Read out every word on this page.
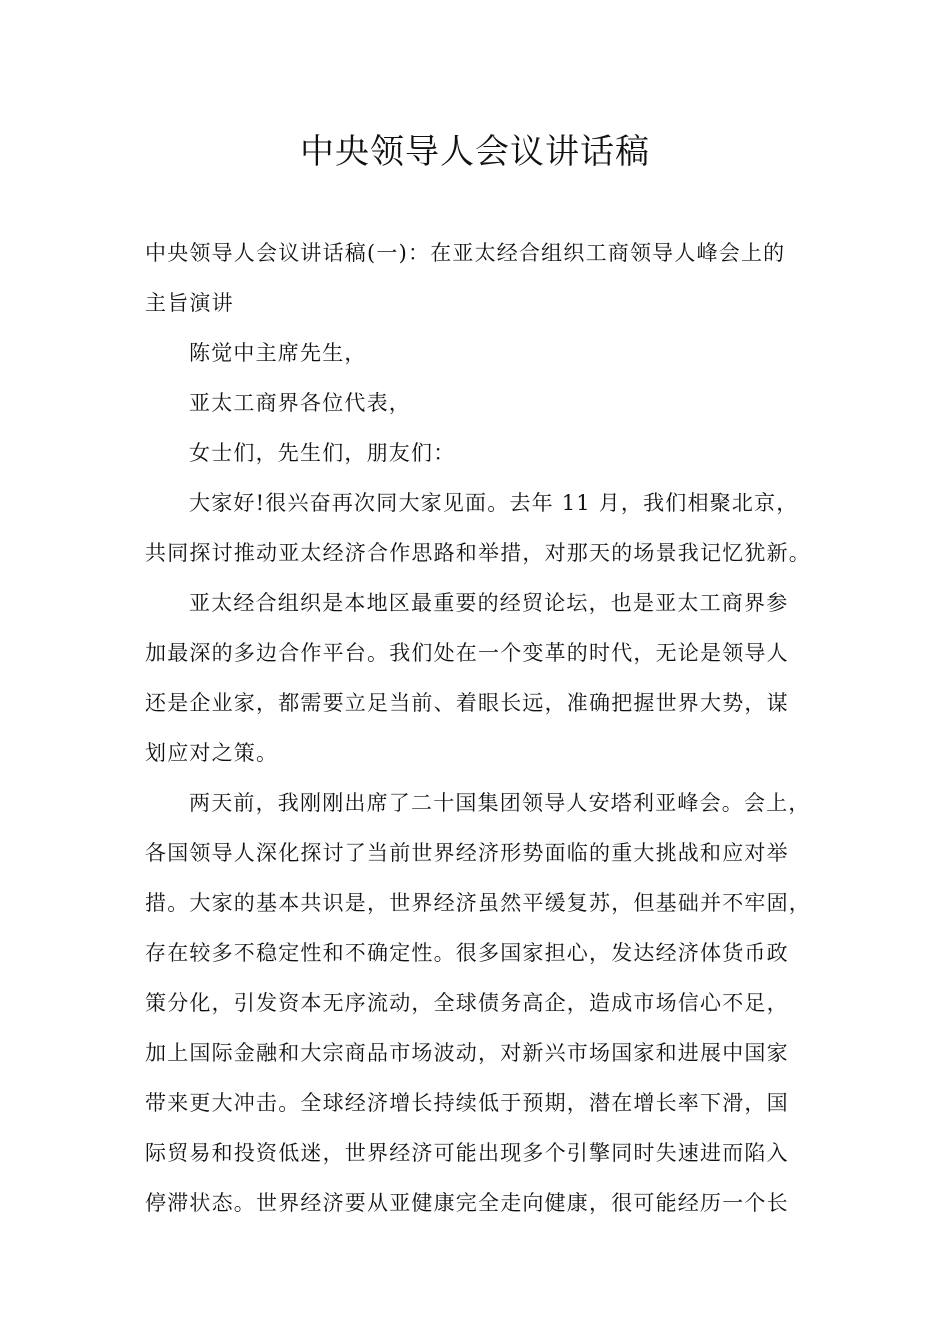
中央领导人会议讲话稿
中央领导人会议讲话稿(一)：在亚太经合组织工商领导人峰会上的
主旨演讲
陈觉中主席先生，
亚太工商界各位代表，
女士们，先生们，朋友们：
大家好!很兴奋再次同大家见面。去年 11 月，我们相聚北京，
共同探讨推动亚太经济合作思路和举措，对那天的场景我记忆犹新。
亚太经合组织是本地区最重要的经贸论坛，也是亚太工商界参
加最深的多边合作平台。我们处在一个变革的时代，无论是领导人
还是企业家，都需要立足当前、着眼长远，准确把握世界大势，谋
划应对之策。
两天前，我刚刚出席了二十国集团领导人安塔利亚峰会。会上，
各国领导人深化探讨了当前世界经济形势面临的重大挑战和应对举
措。大家的基本共识是，世界经济虽然平缓复苏，但基础并不牢固，
存在较多不稳定性和不确定性。很多国家担心，发达经济体货币政
策分化，引发资本无序流动，全球债务高企，造成市场信心不足，
加上国际金融和大宗商品市场波动，对新兴市场国家和进展中国家
带来更大冲击。全球经济增长持续低于预期，潜在增长率下滑，国
际贸易和投资低迷，世界经济可能出现多个引擎同时失速进而陷入
停滞状态。世界经济要从亚健康完全走向健康，很可能经历一个长
